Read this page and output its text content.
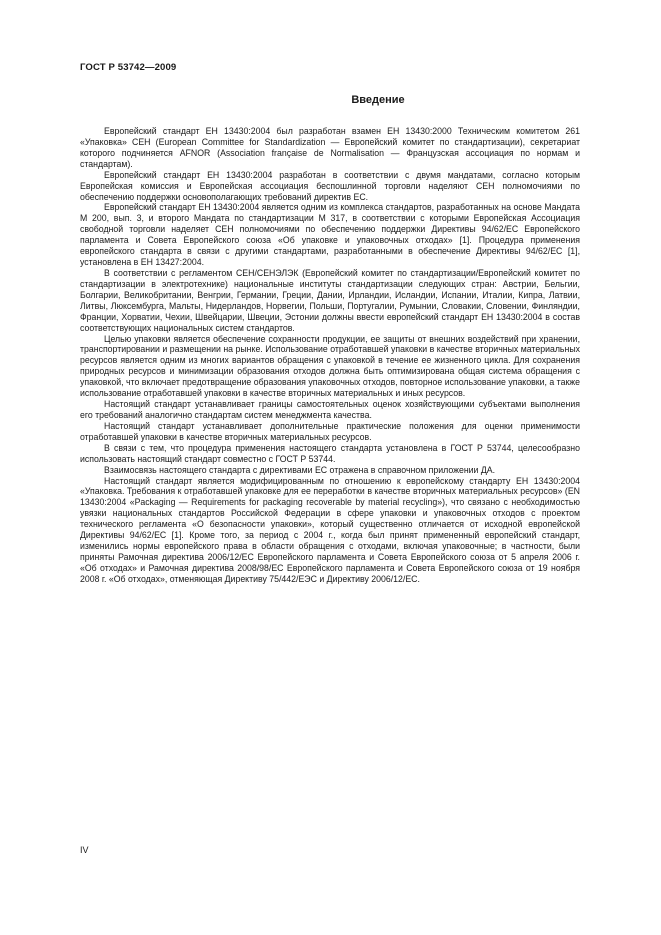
ГОСТ Р 53742—2009
Введение

Европейский стандарт ЕН 13430:2004 был разработан взамен ЕН 13430:2000 Техническим комитетом 261 «Упаковка» CEH (European Committee for Standardization — Европейский комитет по стандартизации), секретариат которого подчиняется AFNOR (Association française de Normalisation — Французская ассоциация по нормам и стандартам).

Европейский стандарт ЕН 13430:2004 разработан в соответствии с двумя мандатами, согласно которым Европейская комиссия и Европейская ассоциация беспошлинной торговли наделяют CEH полномочиями по обеспечению поддержки основополагающих требований директив ЕС.

Европейский стандарт ЕН 13430:2004 является одним из комплекса стандартов, разработанных на основе Мандата М 200, вып. 3, и второго Мандата по стандартизации М 317, в соответствии с которыми Европейская Ассоциация свободной торговли наделяет CEH полномочиями по обеспечению поддержки Директивы 94/62/ЕС Европейского парламента и Совета Европейского союза «Об упаковке и упаковочных отходах» [1]. Процедура применения европейского стандарта в связи с другими стандартами, разработанными в обеспечение Директивы 94/62/ЕС [1], установлена в ЕН 13427:2004.

В соответствии с регламентом CEH/СЕНЭЛЭК (Европейский комитет по стандартизации/Европейский комитет по стандартизации в электротехнике) национальные институты стандартизации следующих стран: Австрии, Бельгии, Болгарии, Великобритании, Венгрии, Германии, Греции, Дании, Ирландии, Исландии, Испании, Италии, Кипра, Латвии, Литвы, Люксембурга, Мальты, Нидерландов, Норвегии, Польши, Португалии, Румынии, Словакии, Словении, Финляндии, Франции, Хорватии, Чехии, Швейцарии, Швеции, Эстонии должны ввести европейский стандарт ЕН 13430:2004 в состав соответствующих национальных систем стандартов.

Целью упаковки является обеспечение сохранности продукции, ее защиты от внешних воздействий при хранении, транспортировании и размещении на рынке. Использование отработавшей упаковки в качестве вторичных материальных ресурсов является одним из многих вариантов обращения с упаковкой в течение ее жизненного цикла. Для сохранения природных ресурсов и минимизации образования отходов должна быть оптимизирована общая система обращения с упаковкой, что включает предотвращение образования упаковочных отходов, повторное использование упаковки, а также использование отработавшей упаковки в качестве вторичных материальных и иных ресурсов.

Настоящий стандарт устанавливает границы самостоятельных оценок хозяйствующими субъектами выполнения его требований аналогично стандартам систем менеджмента качества.

Настоящий стандарт устанавливает дополнительные практические положения для оценки применимости отработавшей упаковки в качестве вторичных материальных ресурсов.

В связи с тем, что процедура применения настоящего стандарта установлена в ГОСТ Р 53744, целесообразно использовать настоящий стандарт совместно с ГОСТ Р 53744.

Взаимосвязь настоящего стандарта с директивами ЕС отражена в справочном приложении ДА.

Настоящий стандарт является модифицированным по отношению к европейскому стандарту ЕН 13430:2004 «Упаковка. Требования к отработавшей упаковке для ее переработки в качестве вторичных материальных ресурсов» (EN 13430:2004 «Packaging — Requirements for packaging recoverable by material recycling»), что связано с необходимостью увязки национальных стандартов Российской Федерации в сфере упаковки и упаковочных отходов с проектом технического регламента «О безопасности упаковки», который существенно отличается от исходной европейской Директивы 94/62/ЕС [1]. Кроме того, за период с 2004 г., когда был принят примененный европейский стандарт, изменились нормы европейского права в области обращения с отходами, включая упаковочные; в частности, были приняты Рамочная директива 2006/12/ЕС Европейского парламента и Совета Европейского союза от 5 апреля 2006 г. «Об отходах» и Рамочная директива 2008/98/ЕС Европейского парламента и Совета Европейского союза от 19 ноября 2008 г. «Об отходах», отменяющая Директиву 75/442/ЕЭС и Директиву 2006/12/ЕС.

IV
